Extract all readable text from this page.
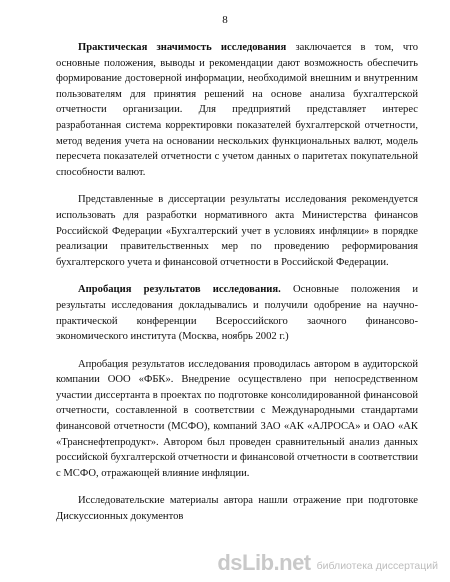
8

Практическая значимость исследования заключается в том, что основные положения, выводы и рекомендации дают возможность обеспечить формирование достоверной информации, необходимой внешним и внутренним пользователям для принятия решений на основе анализа бухгалтерской отчетности организации. Для предприятий представляет интерес разработанная система корректировки показателей бухгалтерской отчетности, метод ведения учета на основании нескольких функциональных валют, модель пересчета показателей отчетности с учетом данных о паритетах покупательной способности валют.

Представленные в диссертации результаты исследования рекомендуется использовать для разработки нормативного акта Министерства финансов Российской Федерации «Бухгалтерский учет в условиях инфляции» в порядке реализации правительственных мер по проведению реформирования бухгалтерского учета и финансовой отчетности в Российской Федерации.

Апробация результатов исследования. Основные положения и результаты исследования докладывались и получили одобрение на научно-практической конференции Всероссийского заочного финансово-экономического института (Москва, ноябрь 2002 г.)

Апробация результатов исследования проводилась автором в аудиторской компании ООО «ФБК». Внедрение осуществлено при непосредственном участии диссертанта в проектах по подготовке консолидированной финансовой отчетности, составленной в соответствии с Международными стандартами финансовой отчетности (МСФО), компаний ЗАО «АК «АЛРОСА» и ОАО «АК «Транснефтепродукт». Автором был проведен сравнительный анализ данных российской бухгалтерской отчетности и финансовой отчетности в соответствии с МСФО, отражающей влияние инфляции.

Исследовательские материалы автора нашли отражение при подготовке Дискуссионных документов

dsLib.net библиотека диссертаций
